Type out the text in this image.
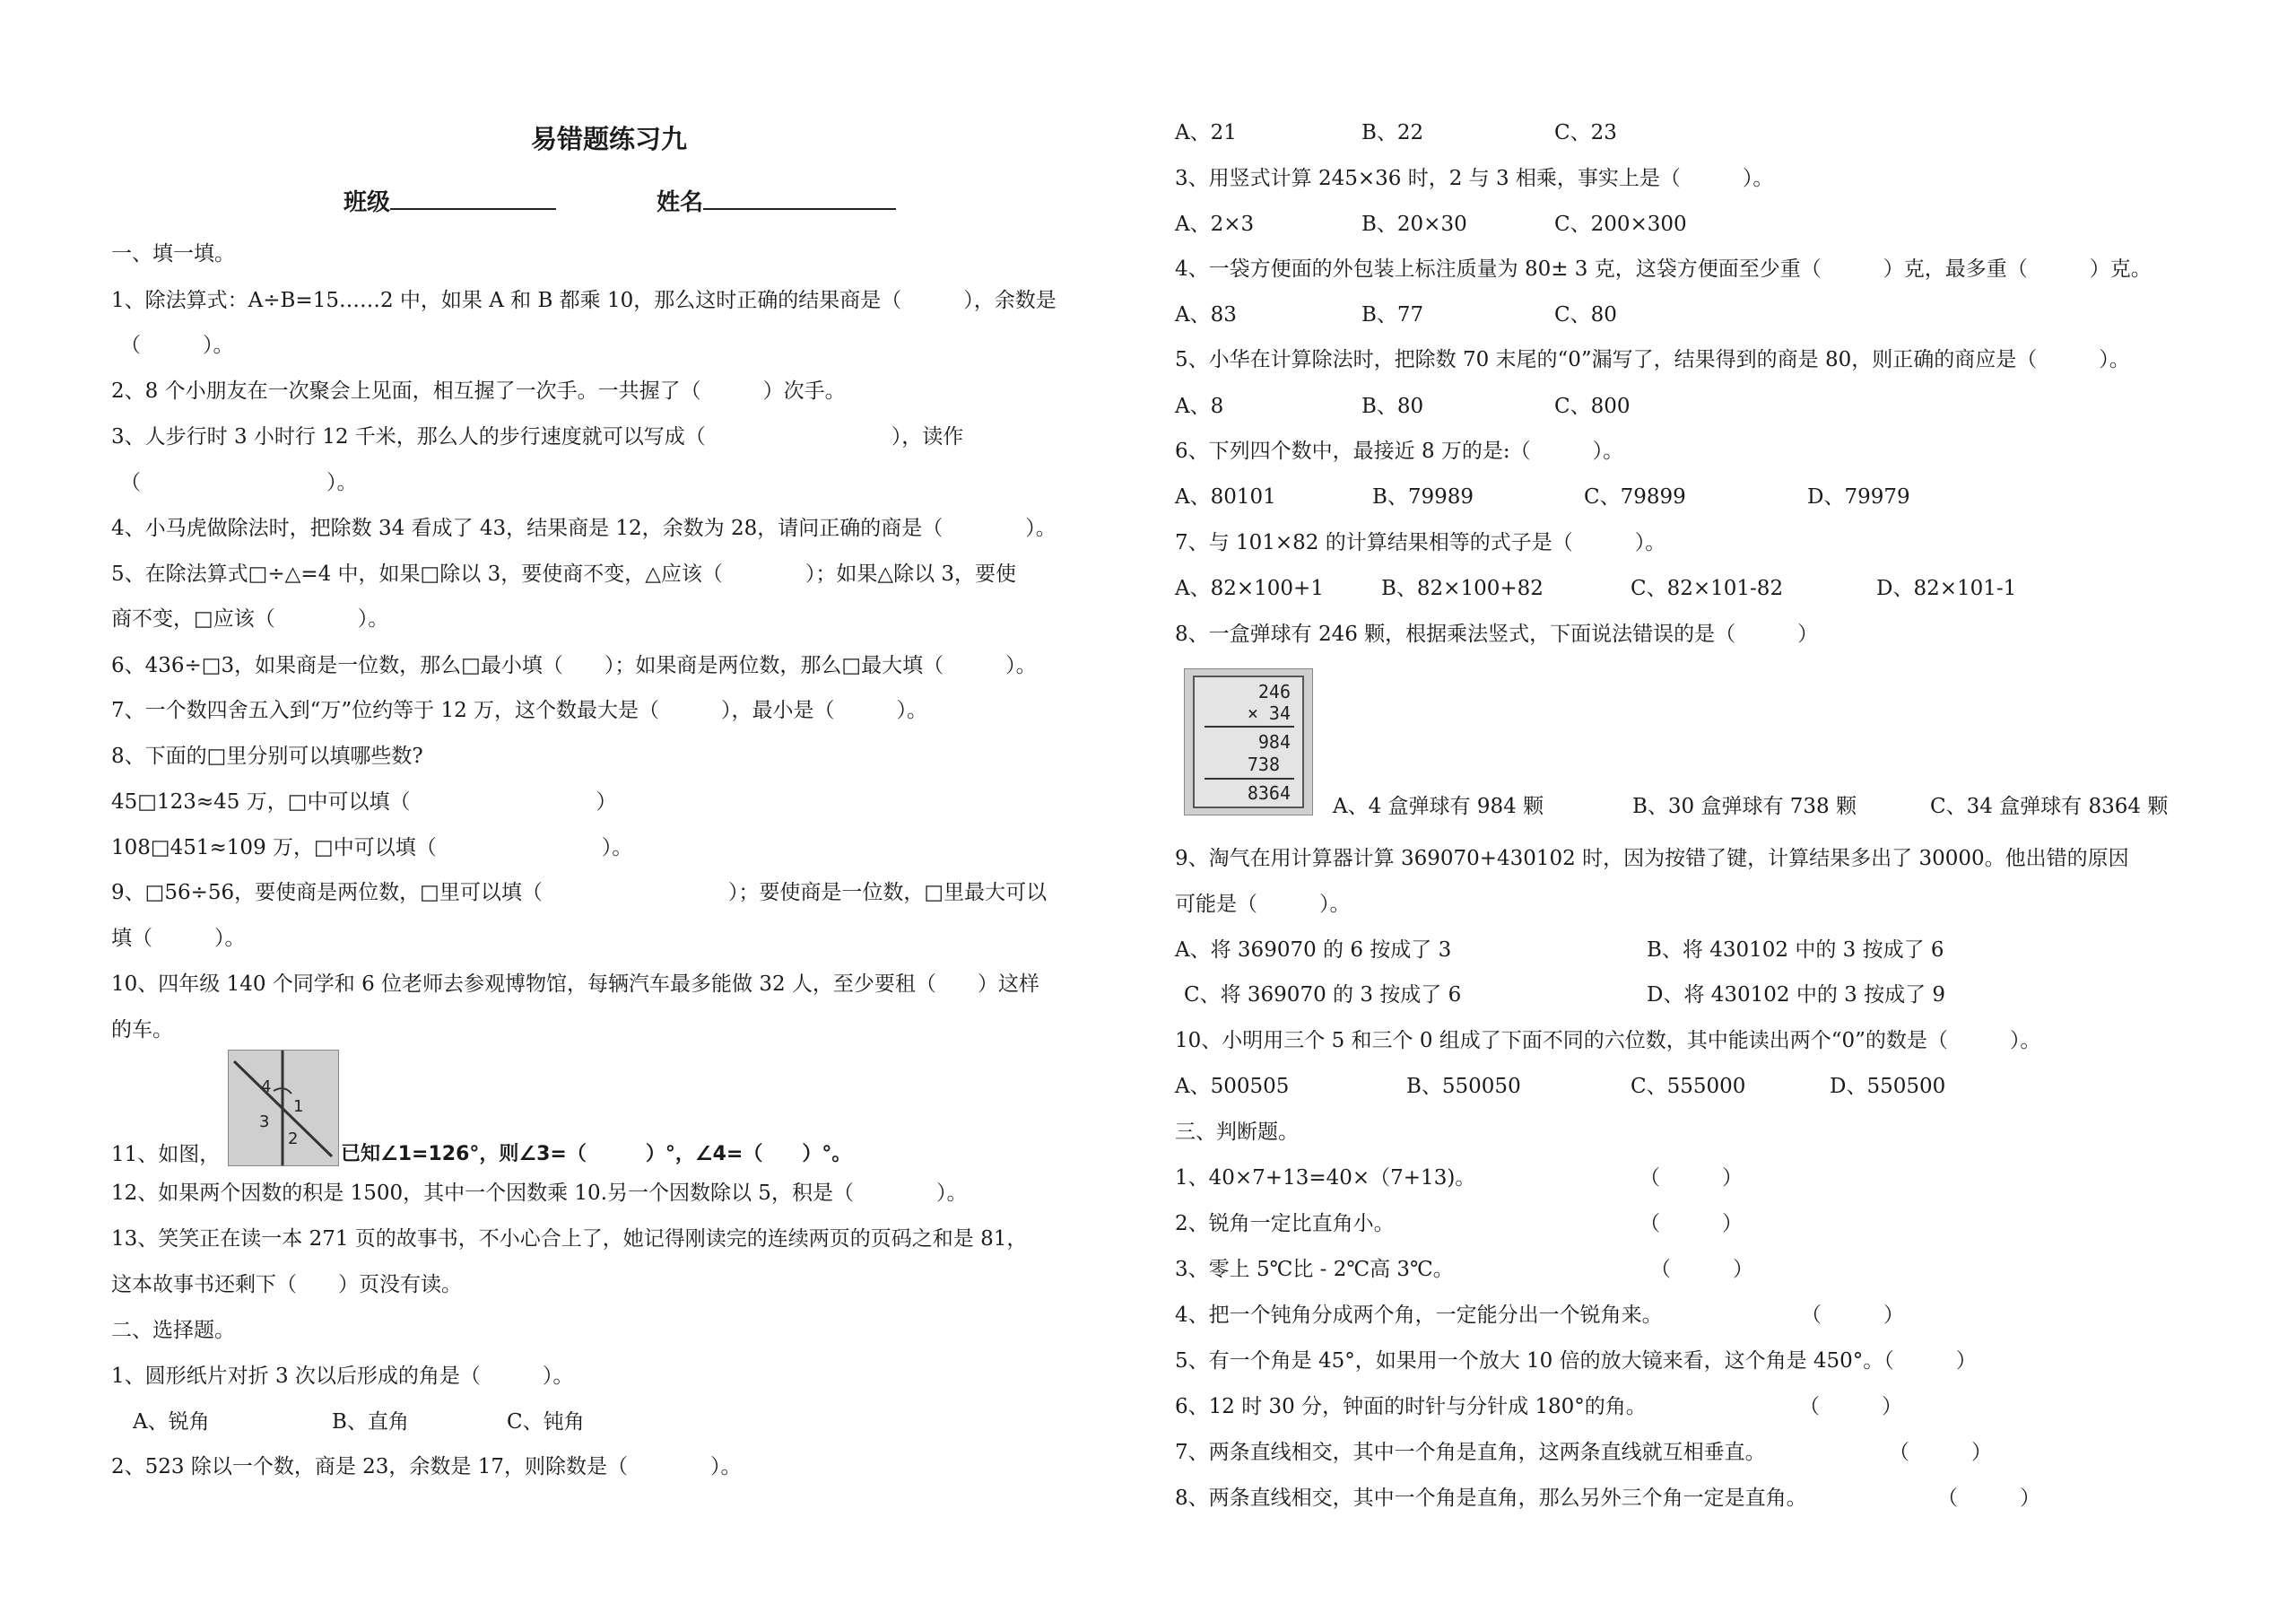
易错题练习九
班级	姓名
一、填一填。
1、除法算式：A÷B=15……2 中，如果 A 和 B 都乘 10，那么这时正确的结果商是（　　　），余数是
（　　　）。
2、8 个小朋友在一次聚会上见面，相互握了一次手。一共握了（　　　）次手。
3、人步行时 3 小时行 12 千米，那么人的步行速度就可以写成（　　　　　　　　　），读作
（　　　　　　　　　）。
4、小马虎做除法时，把除数 34 看成了 43，结果商是 12，余数为 28，请问正确的商是（　　　　）。
5、在除法算式□÷△=4 中，如果□除以 3，要使商不变，△应该（　　　　）；如果△除以 3，要使
商不变，□应该（　　　　）。
6、436÷□3，如果商是一位数，那么□最小填（　　）；如果商是两位数，那么□最大填（　　　）。
7、一个数四舍五入到“万”位约等于 12 万，这个数最大是（　　　），最小是（　　　）。
8、下面的□里分别可以填哪些数?
45□123≈45 万，□中可以填（　　　　　　　　　）
108□451≈109 万，□中可以填（　　　　　　　　）。
9、□56÷56，要使商是两位数，□里可以填（　　　　　　　　　）；要使商是一位数，□里最大可以
填（　　　）。
10、四年级 140 个同学和 6 位老师去参观博物馆，每辆汽车最多能做 32 人，至少要租（　　）这样
的车。
4
1
3
2
11、如图，	已知∠1=126°，则∠3=（　　　）°，∠4=（　　）°。
12、如果两个因数的积是 1500，其中一个因数乘 10.另一个因数除以 5，积是（　　　　）。
13、笑笑正在读一本 271 页的故事书，不小心合上了，她记得刚读完的连续两页的页码之和是 81，
这本故事书还剩下（　　）页没有读。
二、选择题。
1、圆形纸片对折 3 次以后形成的角是（　　　）。
A、锐角	B、直角	C、钝角
2、523 除以一个数，商是 23，余数是 17，则除数是（　　　　）。
A、21	B、22	C、23
3、用竖式计算 245×36 时，2 与 3 相乘，事实上是（　　　）。
A、2×3	B、20×30	C、200×300
4、一袋方便面的外包装上标注质量为 80± 3 克，这袋方便面至少重（　　　）克，最多重（　　　）克。
A、83	B、77	C、80
5、小华在计算除法时，把除数 70 末尾的“0”漏写了，结果得到的商是 80，则正确的商应是（　　　）。
A、8	B、80	C、800
6、下列四个数中，最接近 8 万的是:（　　　）。
A、80101	B、79989	C、79899	D、79979
7、与 101×82 的计算结果相等的式子是（　　　）。
A、82×100+1	B、82×100+82	C、82×101-82	D、82×101-1
8、一盒弹球有 246 颗，根据乘法竖式，下面说法错误的是（　　　）
246
× 34
984
738
8364
A、4 盒弹球有 984 颗	B、30 盒弹球有 738 颗	C、34 盒弹球有 8364 颗
9、淘气在用计算器计算 369070+430102 时，因为按错了键，计算结果多出了 30000。他出错的原因
可能是（　　　）。
A、将 369070 的 6 按成了 3	B、将 430102 中的 3 按成了 6
C、将 369070 的 3 按成了 6	D、将 430102 中的 3 按成了 9
10、小明用三个 5 和三个 0 组成了下面不同的六位数，其中能读出两个“0”的数是（　　　）。
A、500505	B、550050	C、555000	D、550500
三、判断题。
1、40×7+13=40×（7+13)。	（　　　）
2、锐角一定比直角小。	（　　　）
3、零上 5℃比 - 2℃高 3℃。	（　　　）
4、把一个钝角分成两个角，一定能分出一个锐角来。	（　　　）
5、有一个角是 45°，如果用一个放大 10 倍的放大镜来看，这个角是 450°。（　　　）
6、12 时 30 分，钟面的时针与分针成 180°的角。	（　　　）
7、两条直线相交，其中一个角是直角，这两条直线就互相垂直。	（　　　）
8、两条直线相交，其中一个角是直角，那么另外三个角一定是直角。	（　　　）
